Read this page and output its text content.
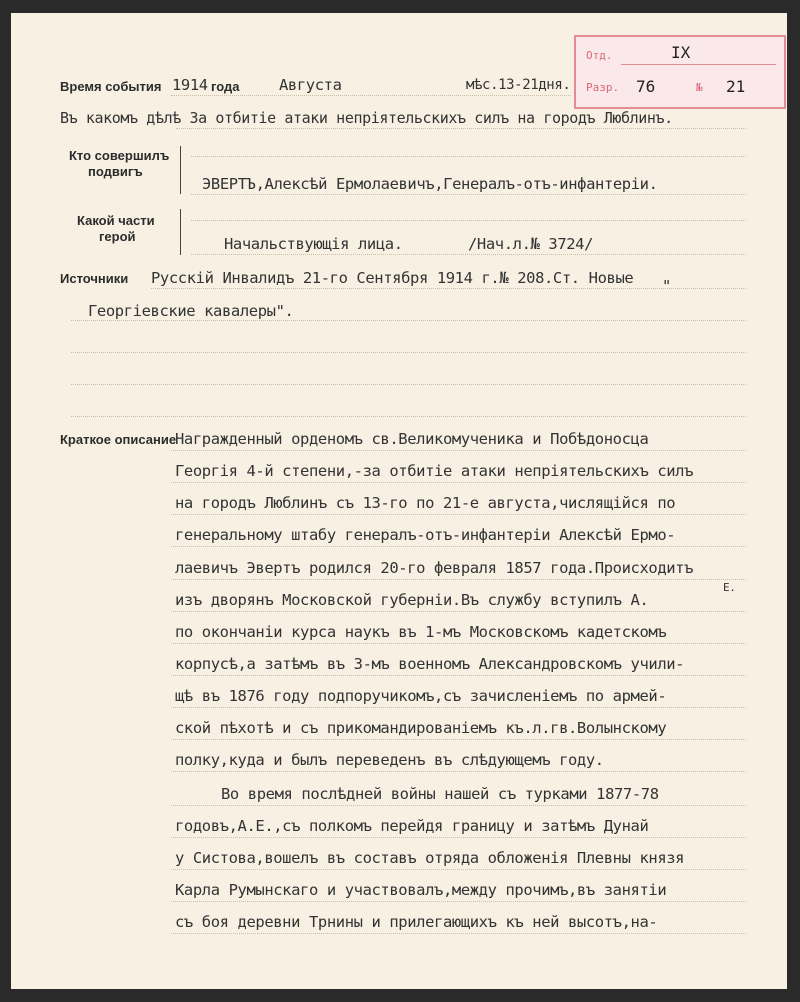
Отд.	IX
Разр. 76	№ 21
Время события 1914 года	Августа	мѣс.13-21дня.
Въ какомъ дѣлѣ За отбитiе атаки непрiятельскихъ силъ на городъ Люблинъ.
Кто совершилъ
подвигъ
ЭВЕРТЪ,Алексѣй Ермолаевичъ,Генералъ-отъ-инфантерiи.
Какой части
герой	Начальствующiя лица.	/Нач.л.№ 3724/
Источники Русскiй Инвалидъ 21-го Сентября 1914 г.№ 208.Ст. Новые "
Георгiевские кавалеры".
Краткое описание
Награжденный орденомъ св.Великомученика и Побѣдоносца
Георгiя 4-й степени,-за отбитiе атаки непрiятельскихъ силъ
на городъ Люблинъ съ 13-го по 21-е августа,числящiйся по
генеральному штабу генералъ-отъ-инфантерiи Алексѣй Ермо-
лаевичъ Эвертъ родился 20-го февраля 1857 года.Происходитъ
изъ дворянъ Московской губернiи.Въ службу вступилъ А.
Е.
по окончанiи курса наукъ въ 1-мъ Московскомъ кадетскомъ
корпусѣ,а затѣмъ въ 3-мъ военномъ Александровскомъ учили-
щѣ въ 1876 году подпоручикомъ,съ зачисленiемъ по армей-
ской пѣхотѣ и съ прикомандированiемъ къ.л.гв.Волынскому
полку,куда и былъ переведенъ въ слѣдующемъ году.
Во время послѣдней войны нашей съ турками 1877-78
годовъ,А.Е.,съ полкомъ перейдя границу и затѣмъ Дунай
у Систова,вошелъ въ составъ отряда обложенiя Плевны князя
Карла Румынскаго и участвовалъ,между прочимъ,въ занятiи
съ боя деревни Трнины и прилегающихъ къ ней высотъ,на-
